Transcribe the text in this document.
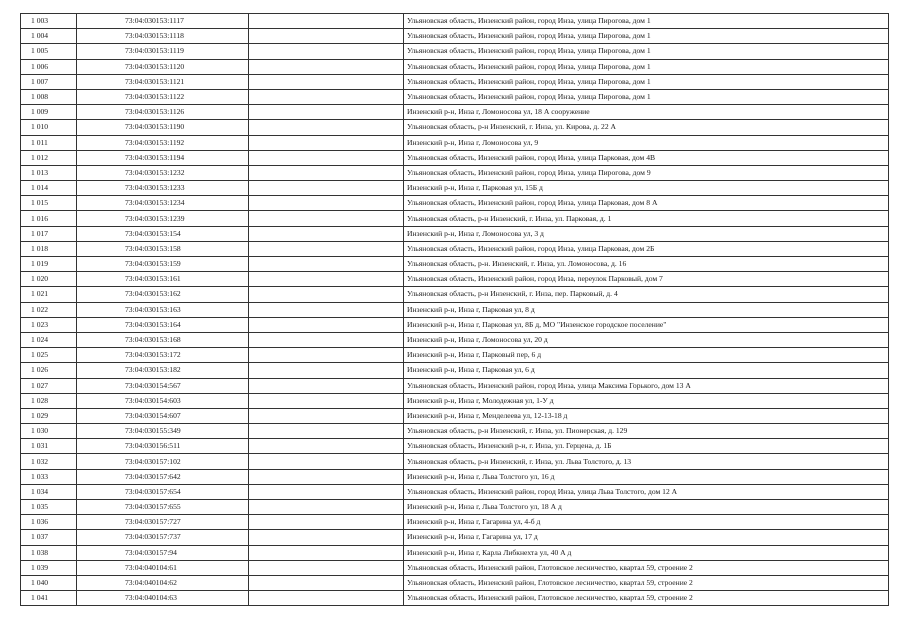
1 003	73:04:030153:1117		Ульяновская область, Инзенский район, город Инза, улица Пирогова, дом 1
1 004	73:04:030153:1118		Ульяновская область, Инзенский район, город Инза, улица Пирогова, дом 1
1 005	73:04:030153:1119		Ульяновская область, Инзенский район, город Инза, улица Пирогова, дом 1
1 006	73:04:030153:1120		Ульяновская область, Инзенский район, город Инза, улица Пирогова, дом 1
1 007	73:04:030153:1121		Ульяновская область, Инзенский район, город Инза, улица Пирогова, дом 1
1 008	73:04:030153:1122		Ульяновская область, Инзенский район, город Инза, улица Пирогова, дом 1
1 009	73:04:030153:1126		Инзенский р-н, Инза г, Ломоносова ул, 18 А сооружение
1 010	73:04:030153:1190		Ульяновская область, р-н Инзенский, г. Инза, ул. Кирова, д. 22 А
1 011	73:04:030153:1192		Инзенский р-н, Инза г, Ломоносова ул, 9
1 012	73:04:030153:1194		Ульяновская область, Инзенский район, город Инза, улица Парковая, дом 4В
1 013	73:04:030153:1232		Ульяновская область, Инзенский район, город Инза, улица Пирогова, дом 9
1 014	73:04:030153:1233		Инзенский р-н, Инза г, Парковая ул, 15Б д
1 015	73:04:030153:1234		Ульяновская область, Инзенский район, город Инза, улица Парковая, дом 8 А
1 016	73:04:030153:1239		Ульяновская область, р-н Инзенский, г. Инза, ул. Парковая, д. 1
1 017	73:04:030153:154		Инзенский р-н, Инза г, Ломоносова ул, 3 д
1 018	73:04:030153:158		Ульяновская область, Инзенский район, город Инза, улица Парковая, дом 2Б
1 019	73:04:030153:159		Ульяновская область, р-н. Инзенский, г. Инза, ул. Ломоносова, д. 16
1 020	73:04:030153:161		Ульяновская область, Инзенский район, город Инза, переулок Парковый, дом 7
1 021	73:04:030153:162		Ульяновская область, р-н Инзенский, г. Инза, пер. Парковый, д. 4
1 022	73:04:030153:163		Инзенский р-н, Инза г, Парковая ул, 8 д
1 023	73:04:030153:164		Инзенский р-н, Инза г, Парковая ул, 8Б д, МО "Инзенское городское поселение"
1 024	73:04:030153:168		Инзенский р-н, Инза г, Ломоносова ул, 20 д
1 025	73:04:030153:172		Инзенский р-н, Инза г, Парковый пер, 6 д
1 026	73:04:030153:182		Инзенский р-н, Инза г, Парковая ул, 6 д
1 027	73:04:030154:567		Ульяновская область, Инзенский район, город Инза, улица Максима Горького, дом 13 А
1 028	73:04:030154:603		Инзенский р-н, Инза г, Молодежная ул, 1-У д
1 029	73:04:030154:607		Инзенский р-н, Инза г, Менделеева ул, 12-13-18 д
1 030	73:04:030155:349		Ульяновская область, р-н Инзенский, г. Инза, ул. Пионерская, д. 129
1 031	73:04:030156:511		Ульяновская область, Инзенский р-н, г. Инза, ул. Герцена, д. 1Б
1 032	73:04:030157:102		Ульяновская область, р-н Инзенский, г. Инза, ул. Льва Толстого, д. 13
1 033	73:04:030157:642		Инзенский р-н, Инза г, Льва Толстого ул, 16 д
1 034	73:04:030157:654		Ульяновская область, Инзенский район, город Инза, улица Льва Толстого, дом 12 А
1 035	73:04:030157:655		Инзенский р-н, Инза г, Льва Толстого ул, 18 А д
1 036	73:04:030157:727		Инзенский р-н, Инза г, Гагарина ул, 4-б д
1 037	73:04:030157:737		Инзенский р-н, Инза г, Гагарина ул, 17 д
1 038	73:04:030157:94		Инзенский р-н, Инза г, Карла Либкнехта ул, 40 А д
1 039	73:04:040104:61		Ульяновская область, Инзенский район, Глотовское лесничество, квартал 59, строение 2
1 040	73:04:040104:62		Ульяновская область, Инзенский район, Глотовское лесничество, квартал 59, строение 2
1 041	73:04:040104:63		Ульяновская область, Инзенский район, Глотовское лесничество, квартал 59, строение 2
